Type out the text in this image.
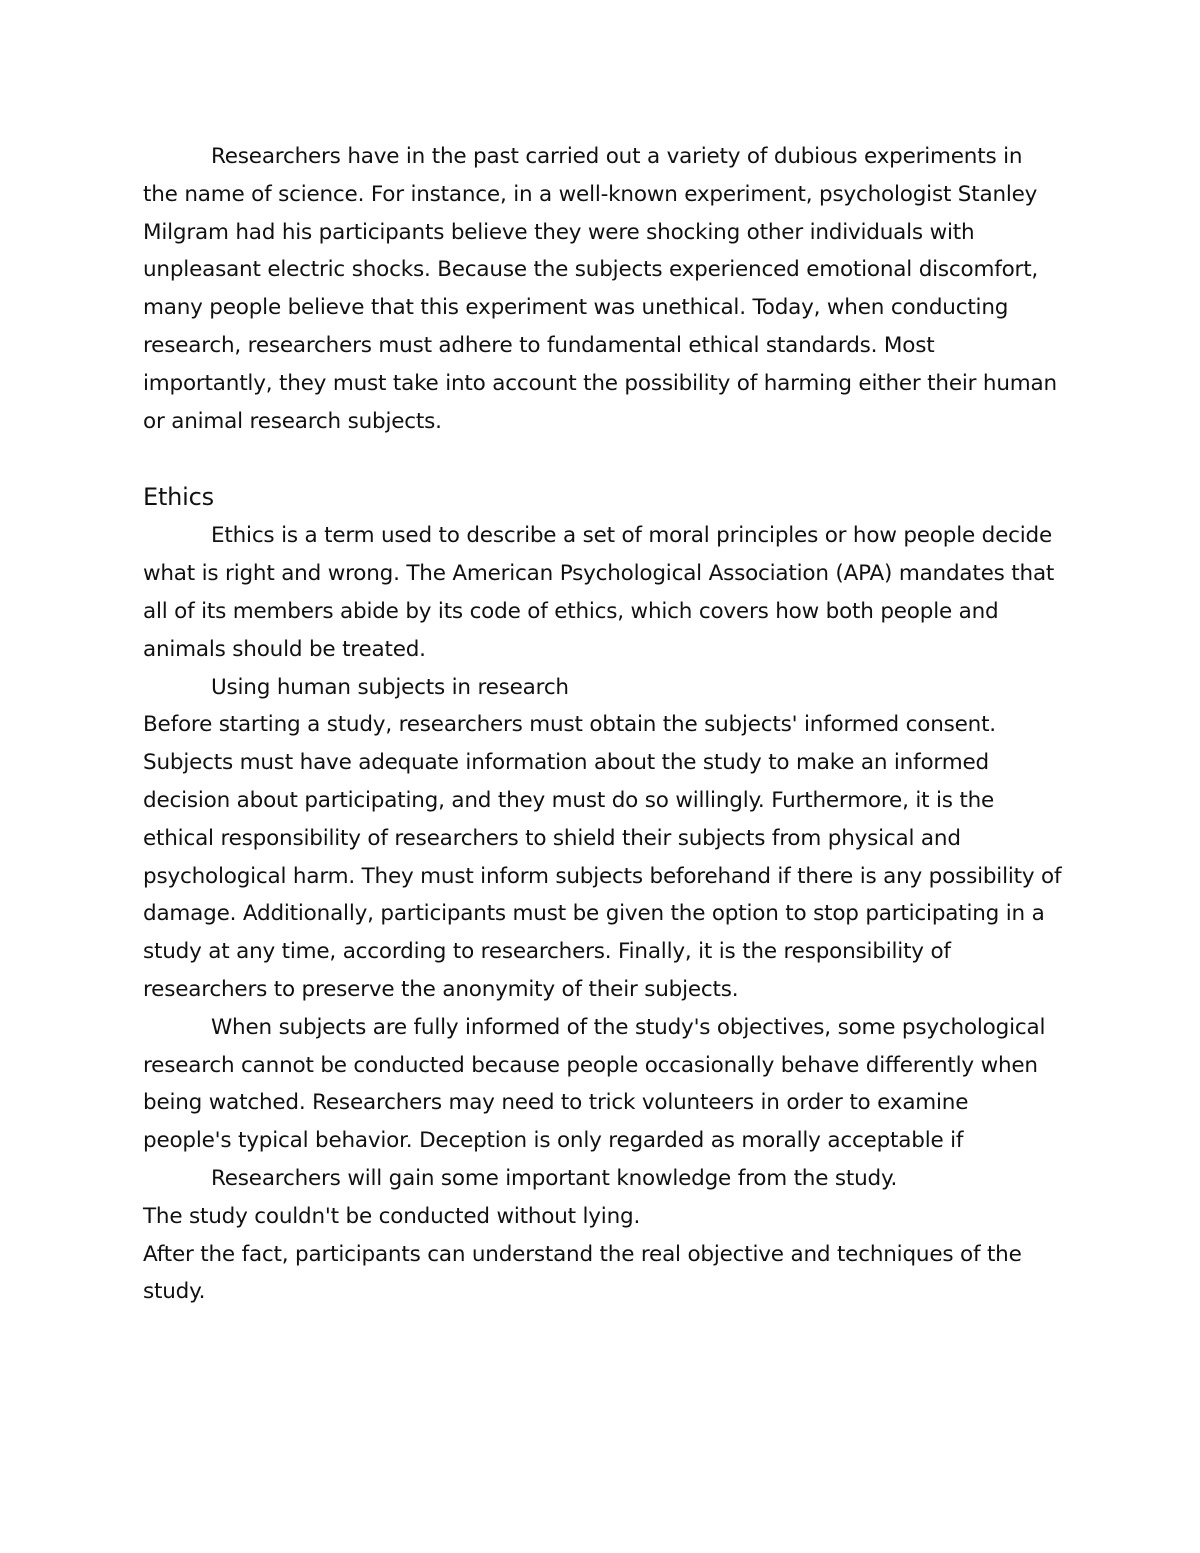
Researchers have in the past carried out a variety of dubious experiments in the name of science. For instance, in a well-known experiment, psychologist Stanley Milgram had his participants believe they were shocking other individuals with unpleasant electric shocks. Because the subjects experienced emotional discomfort, many people believe that this experiment was unethical. Today, when conducting research, researchers must adhere to fundamental ethical standards. Most importantly, they must take into account the possibility of harming either their human or animal research subjects.

Ethics

Ethics is a term used to describe a set of moral principles or how people decide what is right and wrong. The American Psychological Association (APA) mandates that all of its members abide by its code of ethics, which covers how both people and animals should be treated.

Using human subjects in research

Before starting a study, researchers must obtain the subjects' informed consent. Subjects must have adequate information about the study to make an informed decision about participating, and they must do so willingly. Furthermore, it is the ethical responsibility of researchers to shield their subjects from physical and psychological harm. They must inform subjects beforehand if there is any possibility of damage. Additionally, participants must be given the option to stop participating in a study at any time, according to researchers. Finally, it is the responsibility of researchers to preserve the anonymity of their subjects.

When subjects are fully informed of the study's objectives, some psychological research cannot be conducted because people occasionally behave differently when being watched. Researchers may need to trick volunteers in order to examine people's typical behavior. Deception is only regarded as morally acceptable if

Researchers will gain some important knowledge from the study.

The study couldn't be conducted without lying.

After the fact, participants can understand the real objective and techniques of the study.
